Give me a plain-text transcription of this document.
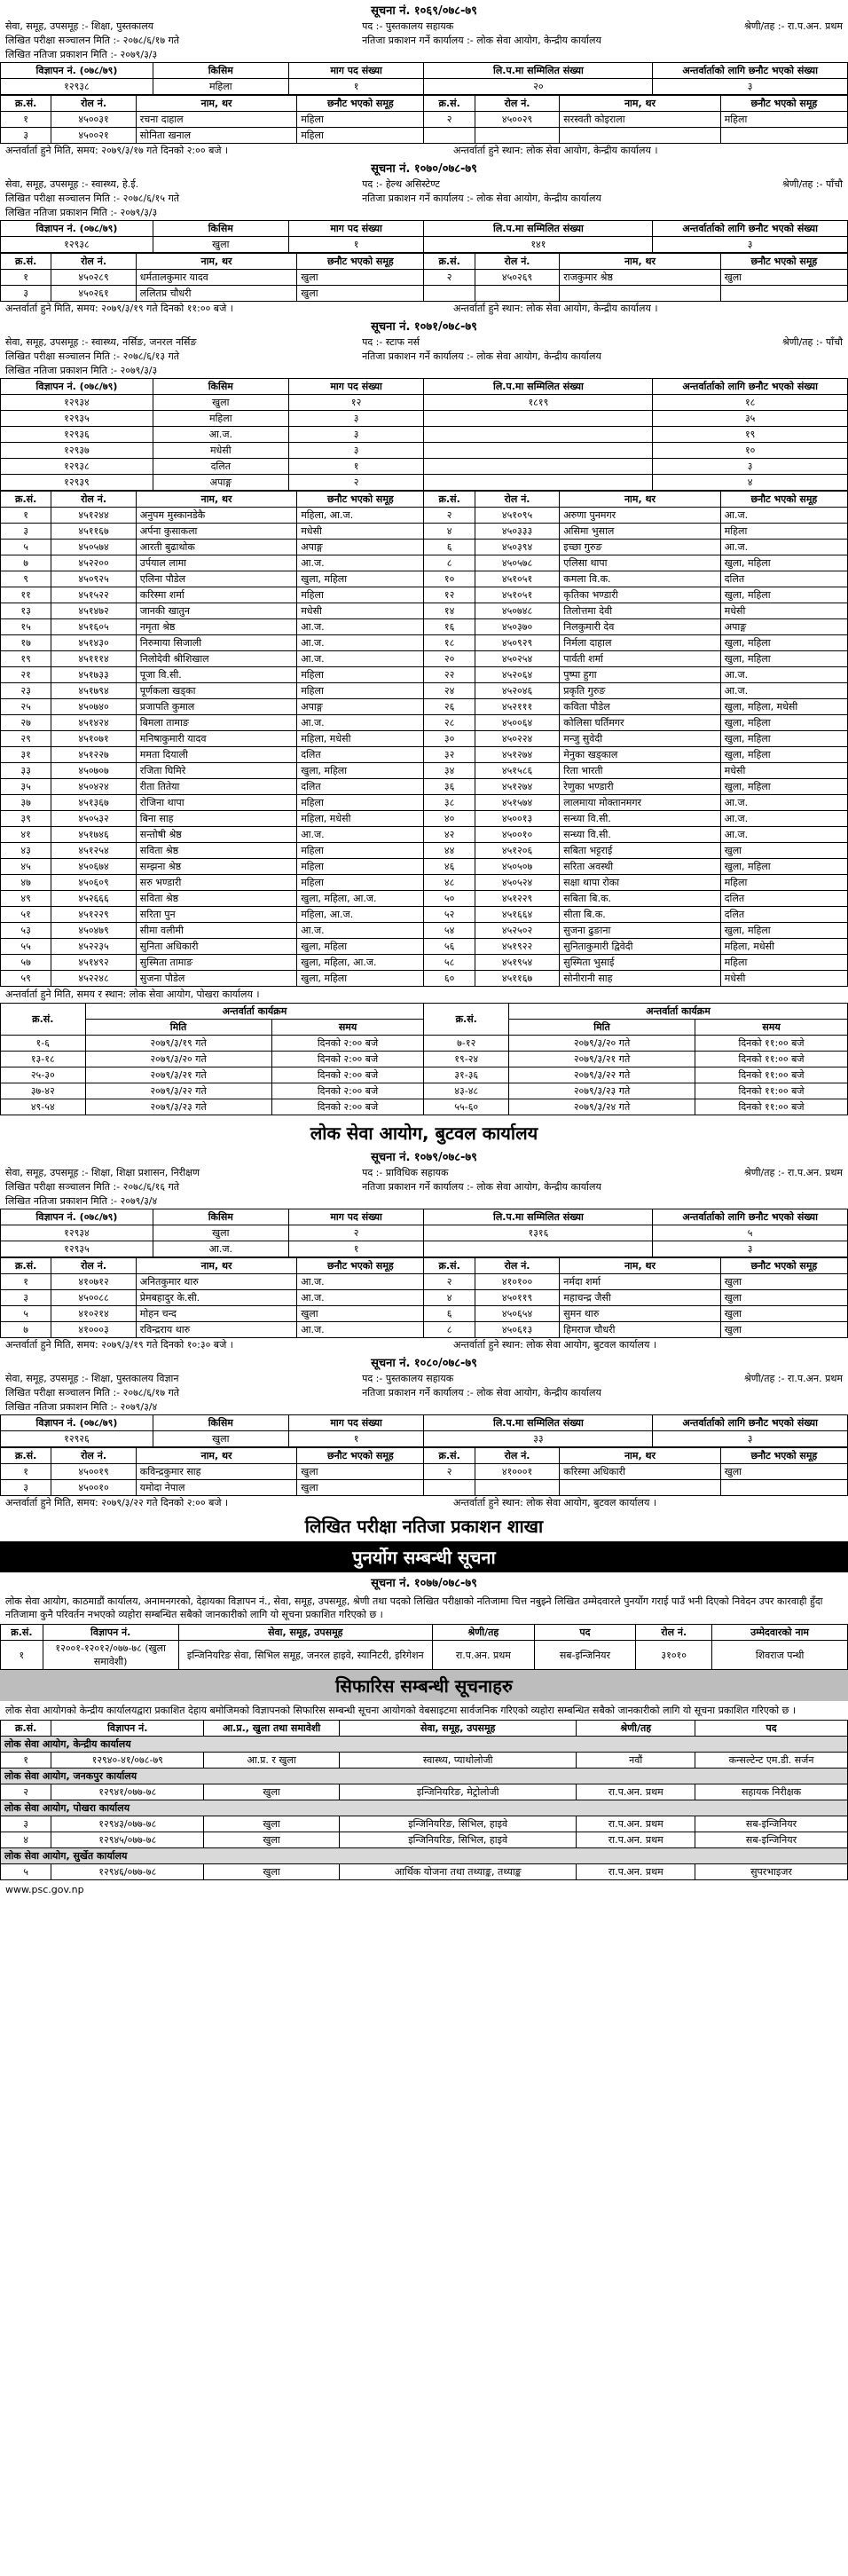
सूचना नं. १०६९/०७८-७९
सेवा, समूह, उपसमूह :- शिक्षा, पुस्तकालय	पद :- पुस्तकालय सहायक	श्रेणी/तह :- रा.प.अन. प्रथम
लिखित परीक्षा सञ्चालन मिति :- २०७८/६/१७ गते	नतिजा प्रकाशन गर्ने कार्यालय :- लोक सेवा आयोग, केन्द्रीय कार्यालय
लिखित नतिजा प्रकाशन मिति :- २०७९/३/३
विज्ञापन नं. (०७८/७९)	किसिम	माग पद संख्या	लि.प.मा सम्मिलित संख्या	अन्तर्वार्ताको लागि छनौट भएको संख्या
१२९३८	महिला	१	२०	३
क्र.सं.	रोल नं.	नाम, थर	छनौट भएको समूह	क्र.सं.	रोल नं.	नाम, थर	छनौट भएको समूह
१	४५००३१	रचना दाहाल	महिला	२	४५००२९	सरस्वती कोइराला	महिला
३	४५००२१	सोनिता खनाल	महिला				
अन्तर्वार्ता हुने मिति, समय: २०७९/३/१७ गते दिनको २:०० बजे ।	अन्तर्वार्ता हुने स्थान: लोक सेवा आयोग, केन्द्रीय कार्यालय ।
सूचना नं. १०७०/०७८-७९
सेवा, समूह, उपसमूह :- स्वास्थ्य, हे.ई.	पद :- हेल्थ असिस्टेण्ट	श्रेणी/तह :- पाँचौ
लिखित परीक्षा सञ्चालन मिति :- २०७८/६/१५ गते	नतिजा प्रकाशन गर्ने कार्यालय :- लोक सेवा आयोग, केन्द्रीय कार्यालय
लिखित नतिजा प्रकाशन मिति :- २०७९/३/३
विज्ञापन नं. (०७८/७९)	किसिम	माग पद संख्या	लि.प.मा सम्मिलित संख्या	अन्तर्वार्ताको लागि छनौट भएको संख्या
१२९३८	खुला	१	१४१	३
क्र.सं.	रोल नं.	नाम, थर	छनौट भएको समूह	क्र.सं.	रोल नं.	नाम, थर	छनौट भएको समूह
१	४५०२८९	धर्मतालकुमार यादव	खुला	२	४५०२६९	राजकुमार श्रेष्ठ	खुला
३	४५०२६१	ललितप्र चौधरी	खुला				
अन्तर्वार्ता हुने मिति, समय: २०७९/३/१९ गते दिनको ११:०० बजे ।	अन्तर्वार्ता हुने स्थान: लोक सेवा आयोग, केन्द्रीय कार्यालय ।
सूचना नं. १०७१/०७८-७९
सेवा, समूह, उपसमूह :- स्वास्थ्य, नर्सिङ, जनरल नर्सिङ	पद :- स्टाफ नर्स	श्रेणी/तह :- पाँचौ
लिखित परीक्षा सञ्चालन मिति :- २०७८/६/१३ गते	नतिजा प्रकाशन गर्ने कार्यालय :- लोक सेवा आयोग, केन्द्रीय कार्यालय
लिखित नतिजा प्रकाशन मिति :- २०७९/३/३
विज्ञापन नं. (०७८/७९)	किसिम	माग पद संख्या	लि.प.मा सम्मिलित संख्या	अन्तर्वार्ताको लागि छनौट भएको संख्या
१२९३४	खुला	१२	१८१९	१८
१२९३५	महिला	३		३५
१२९३६	आ.ज.	३		१९
१२९३७	मधेसी	३		१०
१२९३८	दलित	१		३
१२९३९	अपाङ्ग	२		४
क्र.सं.	रोल नं.	नाम, थर	छनौट भएको समूह	क्र.सं.	रोल नं.	नाम, थर	छनौट भएको समूह
१	४५१२४४	अनुपम मुस्कानडेकै	महिला, आ.ज.	२	४५१०९५	अरुणा पुनमगर	आ.ज.
३	४५११६७	अर्पना कुसाकला	मधेसी	४	४५०३३३	असिमा भुसाल	महिला
५	४५०५७४	आरती बुढाथोक	अपाङ्ग	६	४५०३९४	इच्छा गुरुङ	आ.ज.
७	४५२२००	उर्पयाल लामा	आ.ज.	८	४५०५७८	एलिसा थापा	खुला, महिला
९	४५०९२५	एलिना पौडेल	खुला, महिला	१०	४५१०५१	कमला वि.क.	दलित
११	४५१५२२	करिस्मा शर्मा	महिला	१२	४५१०५१	कृतिका भण्डारी	खुला, महिला
१३	४५१४७२	जानकी खातुन	मधेसी	१४	४५०७४८	तिलोत्तमा देवी	मधेसी
१५	४५१६०५	नमृता श्रेष्ठ	आ.ज.	१६	४५०३७०	निलकुमारी देव	अपाङ्ग
१७	४५१४३०	निरुमाया सिजाली	आ.ज.	१८	४५०९२९	निर्मला दाहाल	खुला, महिला
१९	४५१११४	निलोदेवी श्रीशिखाल	आ.ज.	२०	४५०२५४	पार्वती शर्मा	खुला, महिला
२१	४५१७३३	पूजा वि.सी.	महिला	२२	४५२०६४	पुष्पा हुगा	आ.ज.
२३	४५१७९४	पूर्णकला खड्का	महिला	२४	४५२०४६	प्रकृति गुरुङ	आ.ज.
२५	४५०७४०	प्रजापति कुमाल	अपाङ्ग	२६	४५२१११	कविता पौडेल	खुला, महिला, मधेसी
२७	४५१४२४	बिमला तामाङ	आ.ज.	२८	४५००६४	कोलिसा घर्तिमगर	खुला, महिला
२९	४५१०७१	मनिषाकुमारी यादव	महिला, मधेसी	३०	४५०२२४	मन्जु सुवेदी	खुला, महिला
३१	४५१२२७	ममता दियाली	दलित	३२	४५१२७४	मेनुका खड्काल	खुला, महिला
३३	४५०७०७	रजिता घिमिरे	खुला, महिला	३४	४५१५८६	रिता भारती	मधेसी
३५	४५०४२४	रीता तितेया	दलित	३६	४५१२७४	रेणुका भण्डारी	खुला, महिला
३७	४५१३६७	रोजिना थापा	महिला	३८	४५१५७४	लालमाया मोक्तानमगर	आ.ज.
३९	४५०५३२	बिना साह	महिला, मधेसी	४०	४५००१३	सन्ध्या वि.सी.	आ.ज.
४१	४५१७४६	सन्तोषी श्रेष्ठ	आ.ज.	४२	४५००१०	सन्ध्या वि.सी.	आ.ज.
४३	४५१२५४	सविता श्रेष्ठ	महिला	४४	४५१२०६	सबिता भट्टराई	खुला
४५	४५०६७४	सम्झना श्रेष्ठ	महिला	४६	४५०५०७	सरिता अवस्थी	खुला, महिला
४७	४५०६०९	सरु भण्डारी	महिला	४८	४५०५२४	सक्षा थापा रोका	महिला
४९	४५२६६६	सविता श्रेष्ठ	खुला, महिला, आ.ज.	५०	४५१२२९	सबिता बि.क.	दलित
५१	४५१२२९	सरिता पुन	महिला, आ.ज.	५२	४५१६६४	सीता बि.क.	दलित
५३	४५०४७९	सीमा वलीमी	आ.ज.	५४	४५२५०२	सुजना ढुङाना	खुला, महिला
५५	४५२२३५	सुनिता अधिकारी	खुला, महिला	५६	४५१९२२	सुनिताकुमारी द्विवेदी	महिला, मधेसी
५७	४५१४९२	सुस्मिता तामाङ	खुला, महिला, आ.ज.	५८	४५१९५४	सुस्मिता भुसाई	महिला
५९	४५२२४८	सुजना पौडेल	खुला, महिला	६०	४५११६७	सोनीरानी साह	मधेसी
अन्तर्वार्ता हुने मिति, समय र स्थान: लोक सेवा आयोग, पोखरा कार्यालय ।
क्र.सं.	अन्तर्वार्ता कार्यक्रम		क्र.सं.	अन्तर्वार्ता कार्यक्रम	
	मिति	समय		मिति	समय
१-६	२०७९/३/१९ गते	दिनको २:०० बजे	७-१२	२०७९/३/२० गते	दिनको ११:०० बजे
१३-१८	२०७९/३/२० गते	दिनको २:०० बजे	१९-२४	२०७९/३/२१ गते	दिनको ११:०० बजे
२५-३०	२०७९/३/२१ गते	दिनको २:०० बजे	३१-३६	२०७९/३/२२ गते	दिनको ११:०० बजे
३७-४२	२०७९/३/२२ गते	दिनको २:०० बजे	४३-४८	२०७९/३/२३ गते	दिनको ११:०० बजे
४९-५४	२०७९/३/२३ गते	दिनको २:०० बजे	५५-६०	२०७९/३/२४ गते	दिनको ११:०० बजे
लोक सेवा आयोग, बुटवल कार्यालय
सूचना नं. १०७९/०७८-७९
सेवा, समूह, उपसमूह :- शिक्षा, शिक्षा प्रशासन, निरीक्षण	पद :- प्राविधिक सहायक	श्रेणी/तह :- रा.प.अन. प्रथम
लिखित परीक्षा सञ्चालन मिति :- २०७८/६/१६ गते	नतिजा प्रकाशन गर्ने कार्यालय :- लोक सेवा आयोग, केन्द्रीय कार्यालय
लिखित नतिजा प्रकाशन मिति :- २०७९/३/४
विज्ञापन नं. (०७८/७९)	किसिम	माग पद संख्या	लि.प.मा सम्मिलित संख्या	अन्तर्वार्ताको लागि छनौट भएको संख्या
१२९३४	खुला	२	१३१६	५
१२९३५	आ.ज.	१		३
क्र.सं.	रोल नं.	नाम, थर	छनौट भएको समूह	क्र.सं.	रोल नं.	नाम, थर	छनौट भएको समूह
१	४१०७१२	अनितकुमार थारु	आ.ज.	२	४१०१००	नर्मदा शर्मा	खुला
३	४५००८८	प्रेमबहादुर के.सी.	आ.ज.	४	४५०११९	महाचन्द्र जैसी	खुला
५	४१०२१४	मोहन चन्द	खुला	६	४५०६५४	सुमन थारु	खुला
७	४१०००३	रविन्द्रराय थारु	आ.ज.	८	४५०६१३	हिमराज चौधरी	खुला
अन्तर्वार्ता हुने मिति, समय: २०७९/३/१९ गते दिनको १०:३० बजे ।	अन्तर्वार्ता हुने स्थान: लोक सेवा आयोग, बुटवल कार्यालय ।
सूचना नं. १०८०/०७८-७९
सेवा, समूह, उपसमूह :- शिक्षा, पुस्तकालय विज्ञान	पद :- पुस्तकालय सहायक	श्रेणी/तह :- रा.प.अन. प्रथम
लिखित परीक्षा सञ्चालन मिति :- २०७८/६/१७ गते	नतिजा प्रकाशन गर्ने कार्यालय :- लोक सेवा आयोग, केन्द्रीय कार्यालय
लिखित नतिजा प्रकाशन मिति :- २०७९/३/४
विज्ञापन नं. (०७८/७९)	किसिम	माग पद संख्या	लि.प.मा सम्मिलित संख्या	अन्तर्वार्ताको लागि छनौट भएको संख्या
१२९२६	खुला	१	३३	३
क्र.सं.	रोल नं.	नाम, थर	छनौट भएको समूह	क्र.सं.	रोल नं.	नाम, थर	छनौट भएको समूह
१	४५००१९	कविन्द्रकुमार साह	खुला	२	४१०००१	करिस्मा अधिकारी	खुला
३	४५००१०	यमोदा नेपाल	खुला				
अन्तर्वार्ता हुने मिति, समय: २०७९/३/२२ गते दिनको २:०० बजे ।	अन्तर्वार्ता हुने स्थान: लोक सेवा आयोग, बुटवल कार्यालय ।
लिखित परीक्षा नतिजा प्रकाशन शाखा
पुनर्योग सम्बन्धी सूचना
सूचना नं. १०७७/०७८-७९
लोक सेवा आयोग, काठमाडौं कार्यालय, अनामनगरको, देहायका विज्ञापन नं., सेवा, समूह, उपसमूह, श्रेणी तथा पदको लिखित परीक्षाको नतिजामा चित्त नबुझ्ने लिखित उम्मेदवारले पुनर्योग गराई पाउँ भनी दिएको निवेदन उपर कारवाही हुँदा नतिजामा कुनै परिवर्तन नभएको व्यहोरा सम्बन्धित सबैको जानकारीको लागि यो सूचना प्रकाशित गरिएको छ ।
क्र.सं.	विज्ञापन नं.	सेवा, समूह, उपसमूह	श्रेणी/तह	पद	रोल नं.	उम्मेदवारको नाम
१	१२००१-१२०१२/०७७-७८ (खुला समावेशी)	इन्जिनियरिङ सेवा, सिभिल समूह, जनरल हाइवे, स्यानिटरी, इरिगेशन	रा.प.अन. प्रथम	सब-इन्जिनियर	३१०१०	शिवराज पन्थी
सिफारिस सम्बन्धी सूचनाहरु
लोक सेवा आयोगको केन्द्रीय कार्यालयद्वारा प्रकाशित देहाय बमोजिमको विज्ञापनको सिफारिस सम्बन्धी सूचना आयोगको वेबसाइटमा सार्वजनिक गरिएको व्यहोरा सम्बन्धित सबैको जानकारीको लागि यो सूचना प्रकाशित गरिएको छ ।
क्र.सं.	विज्ञापन नं.	आ.प्र., खुला तथा समावेशी	सेवा, समूह, उपसमूह	श्रेणी/तह	पद
लोक सेवा आयोग, केन्द्रीय कार्यालय					
१	१२९४०-४१/०७८-७९	आ.प्र. र खुला	स्वास्थ्य, प्याथोलोजी	नवौं	कन्सल्टेन्ट एम.डी. सर्जन
लोक सेवा आयोग, जनकपुर कार्यालय					
२	१२९४१/०७७-७८	खुला	इन्जिनियरिङ, मेट्रोलोजी	रा.प.अन. प्रथम	सहायक निरीक्षक
लोक सेवा आयोग, पोखरा कार्यालय					
३	१२९४३/०७७-७८	खुला	इन्जिनियरिङ, सिभिल, हाइवे	रा.प.अन. प्रथम	सब-इन्जिनियर
४	१२९४५/०७७-७८	खुला	इन्जिनियरिङ, सिभिल, हाइवे	रा.प.अन. प्रथम	सब-इन्जिनियर
लोक सेवा आयोग, सुर्खेत कार्यालय					
५	१२९४६/०७७-७८	खुला	आर्थिक योजना तथा तथ्याङ्क, तथ्याङ्क	रा.प.अन. प्रथम	सुपरभाइजर
www.psc.gov.np
